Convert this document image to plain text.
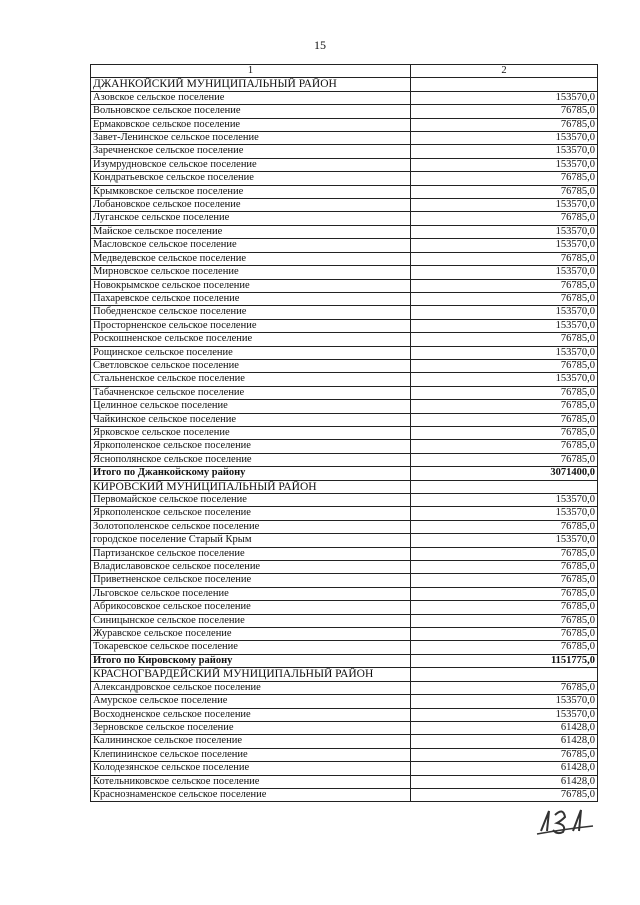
15
1	2
ДЖАНКОЙСКИЙ МУНИЦИПАЛЬНЫЙ РАЙОН	
Азовское сельское поселение	153570,0
Вольновское сельское поселение	76785,0
Ермаковское сельское поселение	76785,0
Завет-Ленинское сельское поселение	153570,0
Заречненское сельское поселение	153570,0
Изумрудновское сельское поселение	153570,0
Кондратьевское сельское поселение	76785,0
Крымковское сельское поселение	76785,0
Лобановское сельское поселение	153570,0
Луганское сельское поселение	76785,0
Майское сельское поселение	153570,0
Масловское сельское поселение	153570,0
Медведевское сельское поселение	76785,0
Мирновское сельское поселение	153570,0
Новокрымское сельское поселение	76785,0
Пахаревское сельское поселение	76785,0
Победненское сельское поселение	153570,0
Просторненское сельское поселение	153570,0
Роскошненское сельское поселение	76785,0
Рощинское сельское поселение	153570,0
Светловское сельское поселение	76785,0
Стальненское сельское поселение	153570,0
Табачненское сельское поселение	76785,0
Целинное сельское поселение	76785,0
Чайкинское сельское поселение	76785,0
Ярковское сельское поселение	76785,0
Яркополенское сельское поселение	76785,0
Яснополянское сельское поселение	76785,0
Итого по Джанкойскому району	3071400,0
КИРОВСКИЙ МУНИЦИПАЛЬНЫЙ РАЙОН	
Первомайское сельское поселение	153570,0
Яркополенское сельское поселение	153570,0
Золотополенское сельское поселение	76785,0
городское поселение Старый Крым	153570,0
Партизанское сельское поселение	76785,0
Владиславовское сельское поселение	76785,0
Приветненское сельское поселение	76785,0
Льговское сельское поселение	76785,0
Абрикосовское сельское поселение	76785,0
Синицынское сельское поселение	76785,0
Журавское сельское поселение	76785,0
Токаревское сельское поселение	76785,0
Итого по Кировскому району	1151775,0
КРАСНОГВАРДЕЙСКИЙ МУНИЦИПАЛЬНЫЙ РАЙОН	
Александровское сельское поселение	76785,0
Амурское сельское поселение	153570,0
Восходненское сельское поселение	153570,0
Зерновское сельское поселение	61428,0
Калининское сельское поселение	61428,0
Клепининское сельское поселение	76785,0
Колодезянское сельское поселение	61428,0
Котельниковское сельское поселение	61428,0
Краснознаменское сельское поселение	76785,0
